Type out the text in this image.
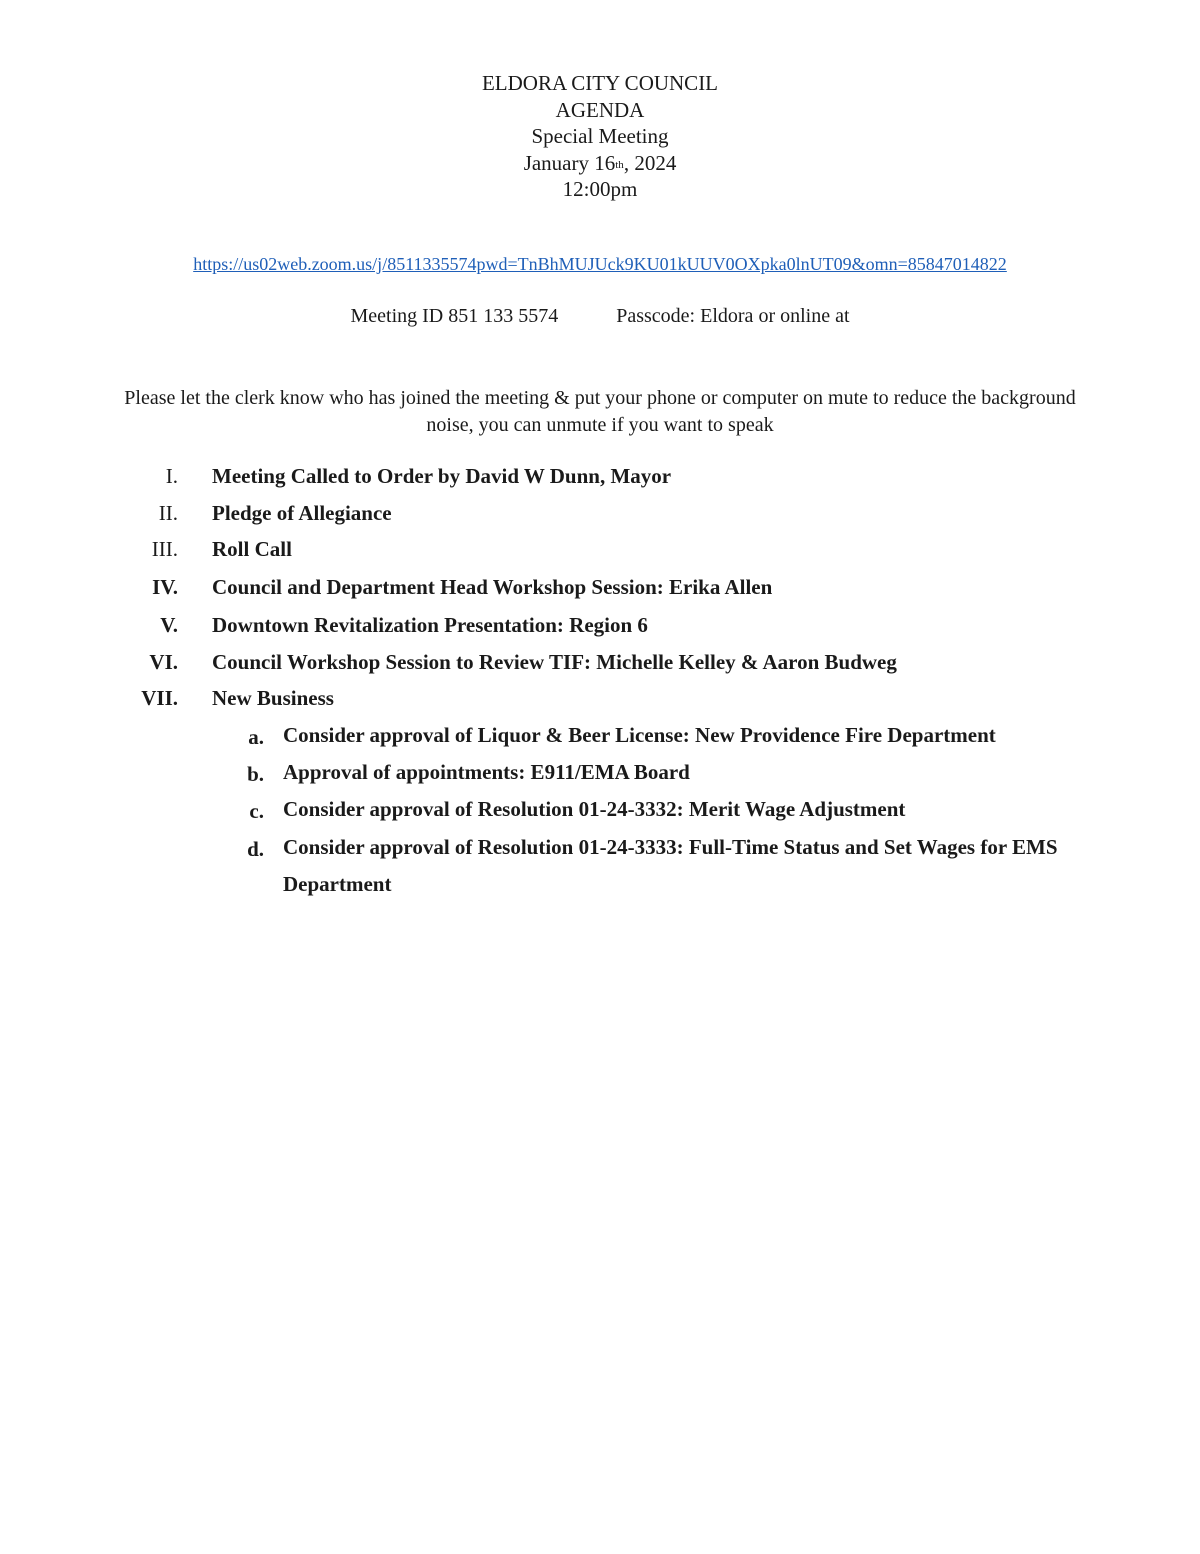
ELDORA CITY COUNCIL
AGENDA
Special Meeting
January 16th, 2024
12:00pm
https://us02web.zoom.us/j/8511335574pwd=TnBhMUJUck9KU01kUUV0OXpka0lnUT09&omn=85847014822
Meeting ID 851 133 5574	Passcode: Eldora or online at
Please let the clerk know who has joined the meeting & put your phone or computer on mute to reduce the background noise, you can unmute if you want to speak
I. Meeting Called to Order by David W Dunn, Mayor
II. Pledge of Allegiance
III. Roll Call
IV. Council and Department Head Workshop Session: Erika Allen
V. Downtown Revitalization Presentation: Region 6
VI. Council Workshop Session to Review TIF: Michelle Kelley & Aaron Budweg
VII. New Business
a. Consider approval of Liquor & Beer License: New Providence Fire Department
b. Approval of appointments: E911/EMA Board
c. Consider approval of Resolution 01-24-3332: Merit Wage Adjustment
d. Consider approval of Resolution 01-24-3333: Full-Time Status and Set Wages for EMS Department
